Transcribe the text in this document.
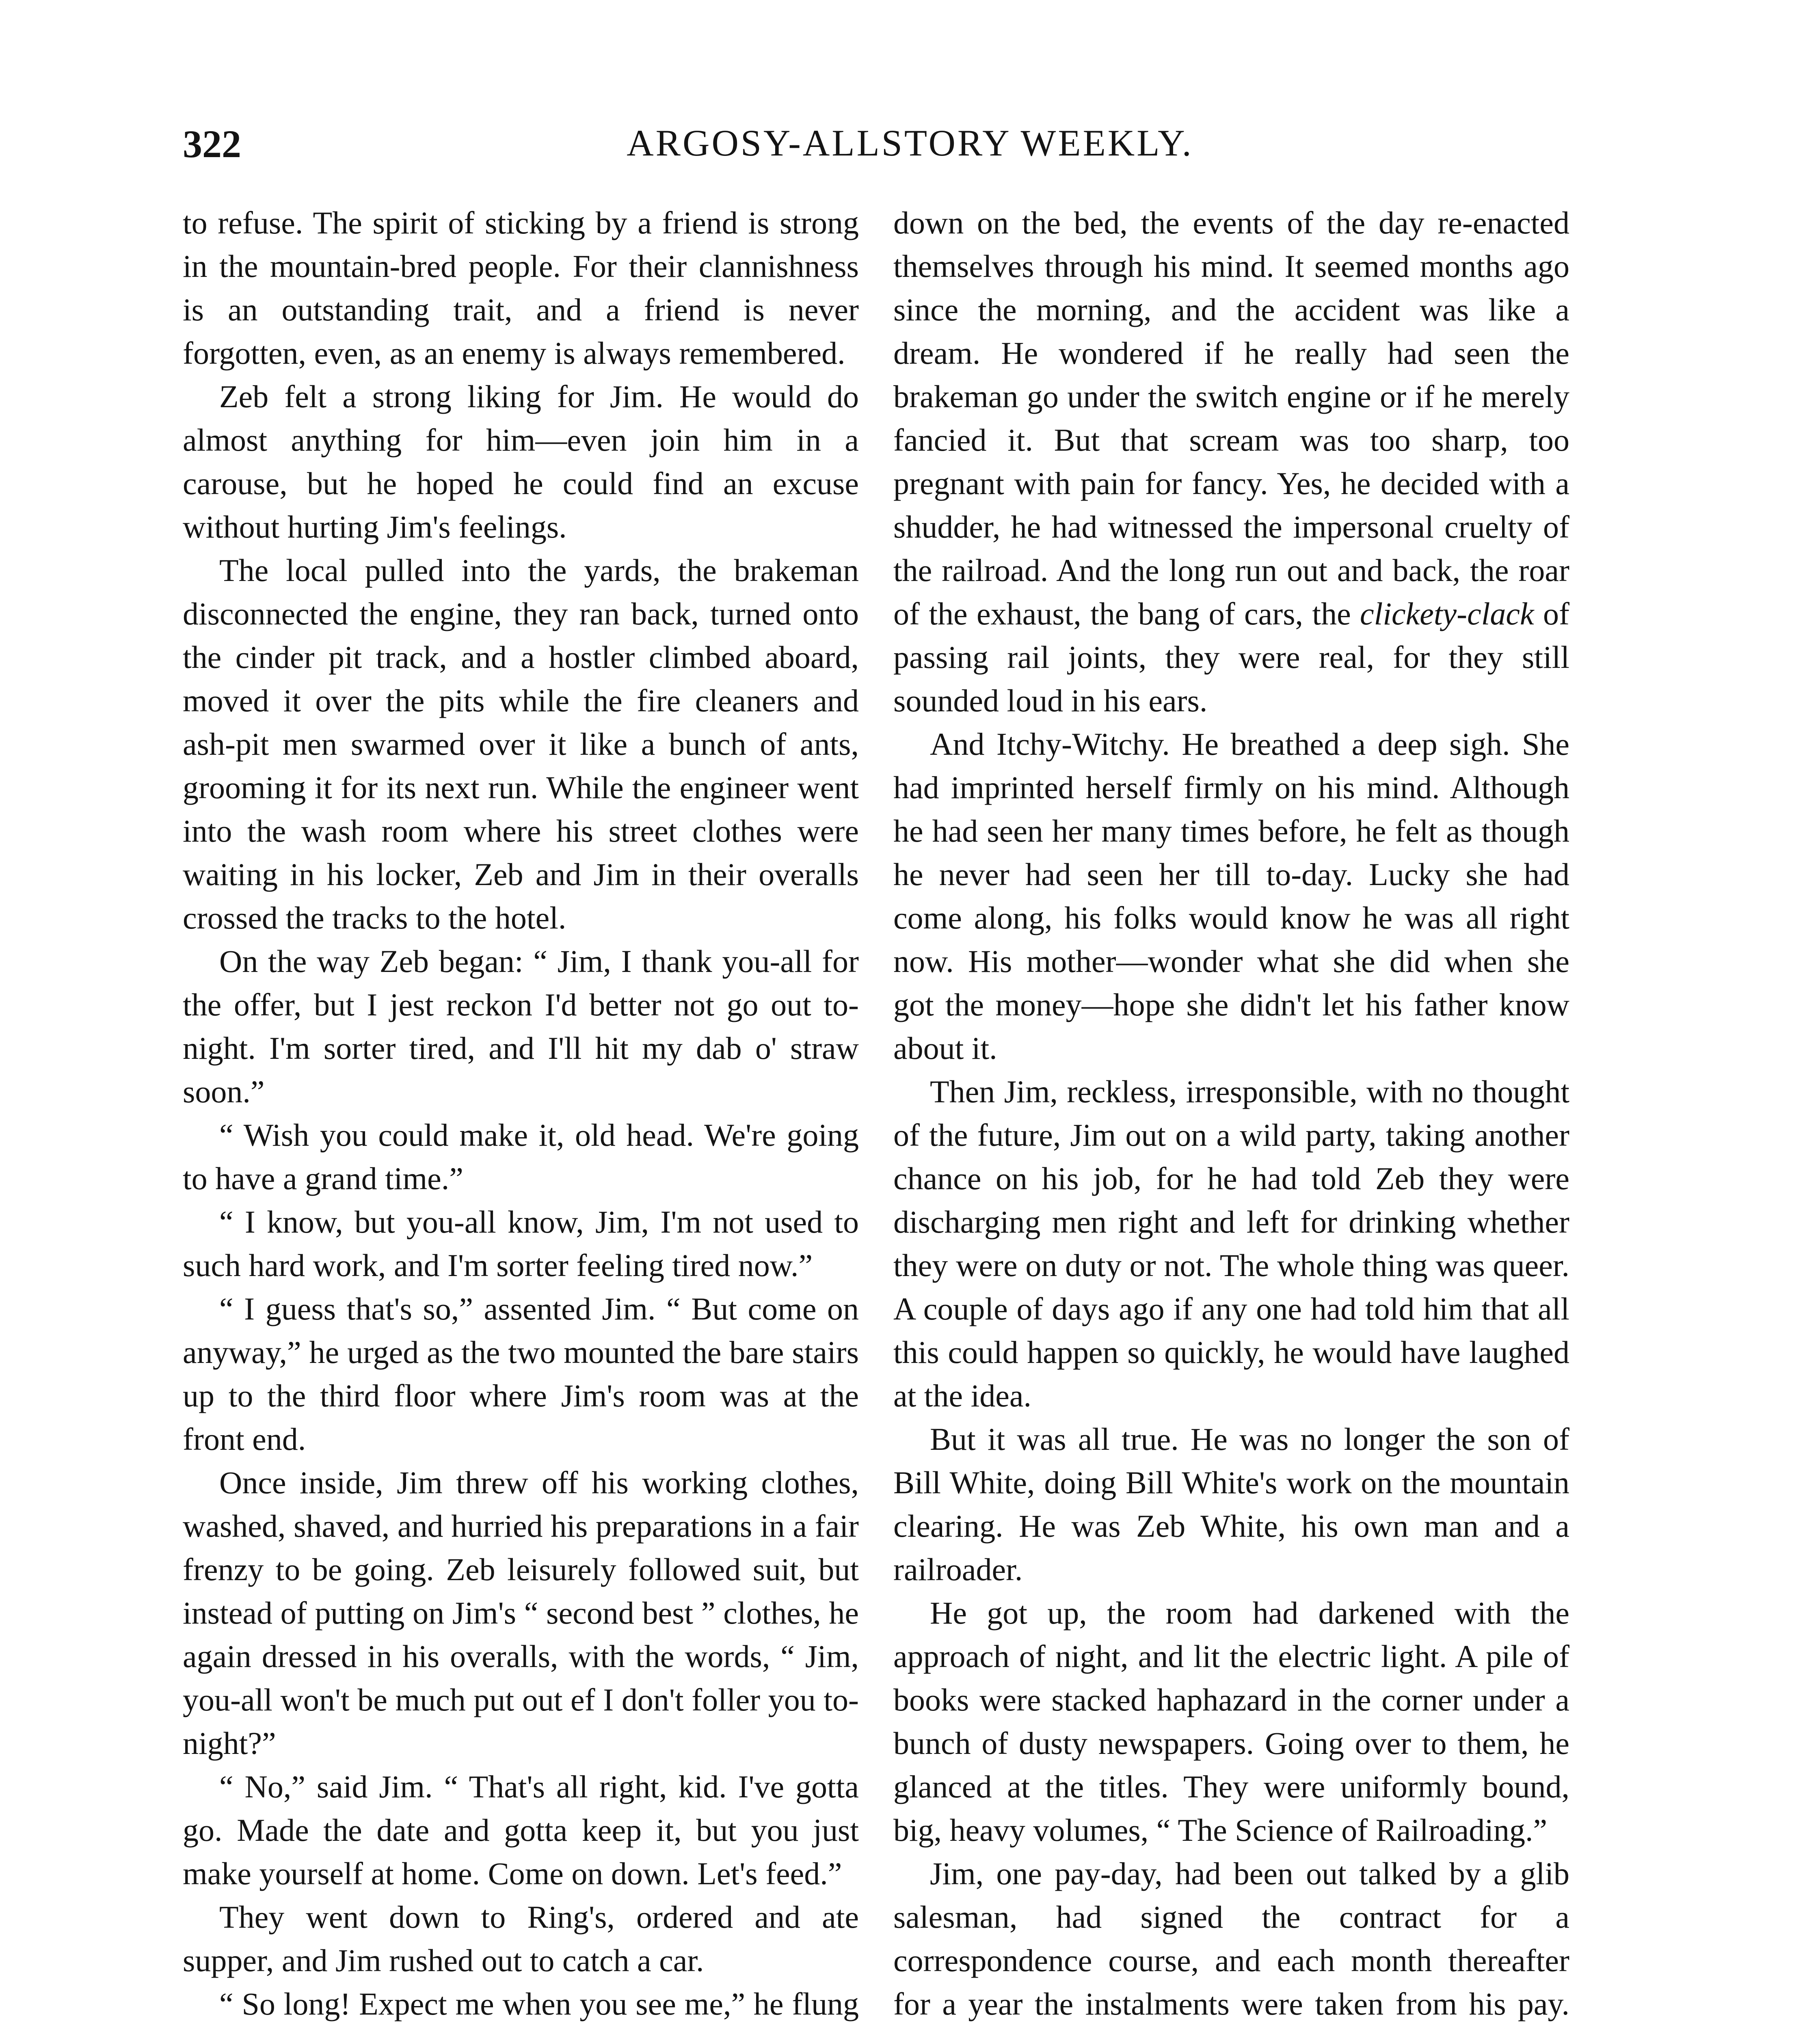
322	ARGOSY-ALLSTORY WEEKLY.

to refuse. The spirit of sticking by a friend is strong in the mountain-bred people. For their clannishness is an outstanding trait, and a friend is never forgotten, even, as an enemy is always remembered.

Zeb felt a strong liking for Jim. He would do almost anything for him—even join him in a carouse, but he hoped he could find an excuse without hurting Jim's feelings.

The local pulled into the yards, the brakeman disconnected the engine, they ran back, turned onto the cinder pit track, and a hostler climbed aboard, moved it over the pits while the fire cleaners and ash-pit men swarmed over it like a bunch of ants, grooming it for its next run. While the engineer went into the wash room where his street clothes were waiting in his locker, Zeb and Jim in their overalls crossed the tracks to the hotel.

On the way Zeb began: “ Jim, I thank you-all for the offer, but I jest reckon I'd better not go out to-night. I'm sorter tired, and I'll hit my dab o' straw soon.”

“ Wish you could make it, old head. We're going to have a grand time.”

“ I know, but you-all know, Jim, I'm not used to such hard work, and I'm sorter feeling tired now.”

“ I guess that's so,” assented Jim. “ But come on anyway,” he urged as the two mounted the bare stairs up to the third floor where Jim's room was at the front end.

Once inside, Jim threw off his working clothes, washed, shaved, and hurried his preparations in a fair frenzy to be going. Zeb leisurely followed suit, but instead of putting on Jim's “ second best ” clothes, he again dressed in his overalls, with the words, “ Jim, you-all won't be much put out ef I don't foller you to-night?”

“ No,” said Jim. “ That's all right, kid. I've gotta go. Made the date and gotta keep it, but you just make yourself at home. Come on down. Let's feed.”

They went down to Ring's, ordered and ate supper, and Jim rushed out to catch a car.

“ So long! Expect me when you see me,” he flung

down on the bed, the events of the day re-enacted themselves through his mind. It seemed months ago since the morning, and the accident was like a dream. He wondered if he really had seen the brakeman go under the switch engine or if he merely fancied it. But that scream was too sharp, too pregnant with pain for fancy. Yes, he decided with a shudder, he had witnessed the impersonal cruelty of the railroad. And the long run out and back, the roar of the exhaust, the bang of cars, the clickety-clack of passing rail joints, they were real, for they still sounded loud in his ears.

And Itchy-Witchy. He breathed a deep sigh. She had imprinted herself firmly on his mind. Although he had seen her many times before, he felt as though he never had seen her till to-day. Lucky she had come along, his folks would know he was all right now. His mother—wonder what she did when she got the money—hope she didn't let his father know about it.

Then Jim, reckless, irresponsible, with no thought of the future, Jim out on a wild party, taking another chance on his job, for he had told Zeb they were discharging men right and left for drinking whether they were on duty or not. The whole thing was queer. A couple of days ago if any one had told him that all this could happen so quickly, he would have laughed at the idea.

But it was all true. He was no longer the son of Bill White, doing Bill White's work on the mountain clearing. He was Zeb White, his own man and a railroader.

He got up, the room had darkened with the approach of night, and lit the electric light. A pile of books were stacked haphazard in the corner under a bunch of dusty newspapers. Going over to them, he glanced at the titles. They were uniformly bound, big, heavy volumes, “ The Science of Railroading.”

Jim, one pay-day, had been out talked by a glib salesman, had signed the contract for a correspondence course, and each month thereafter for a year the instalments were taken from his pay.
